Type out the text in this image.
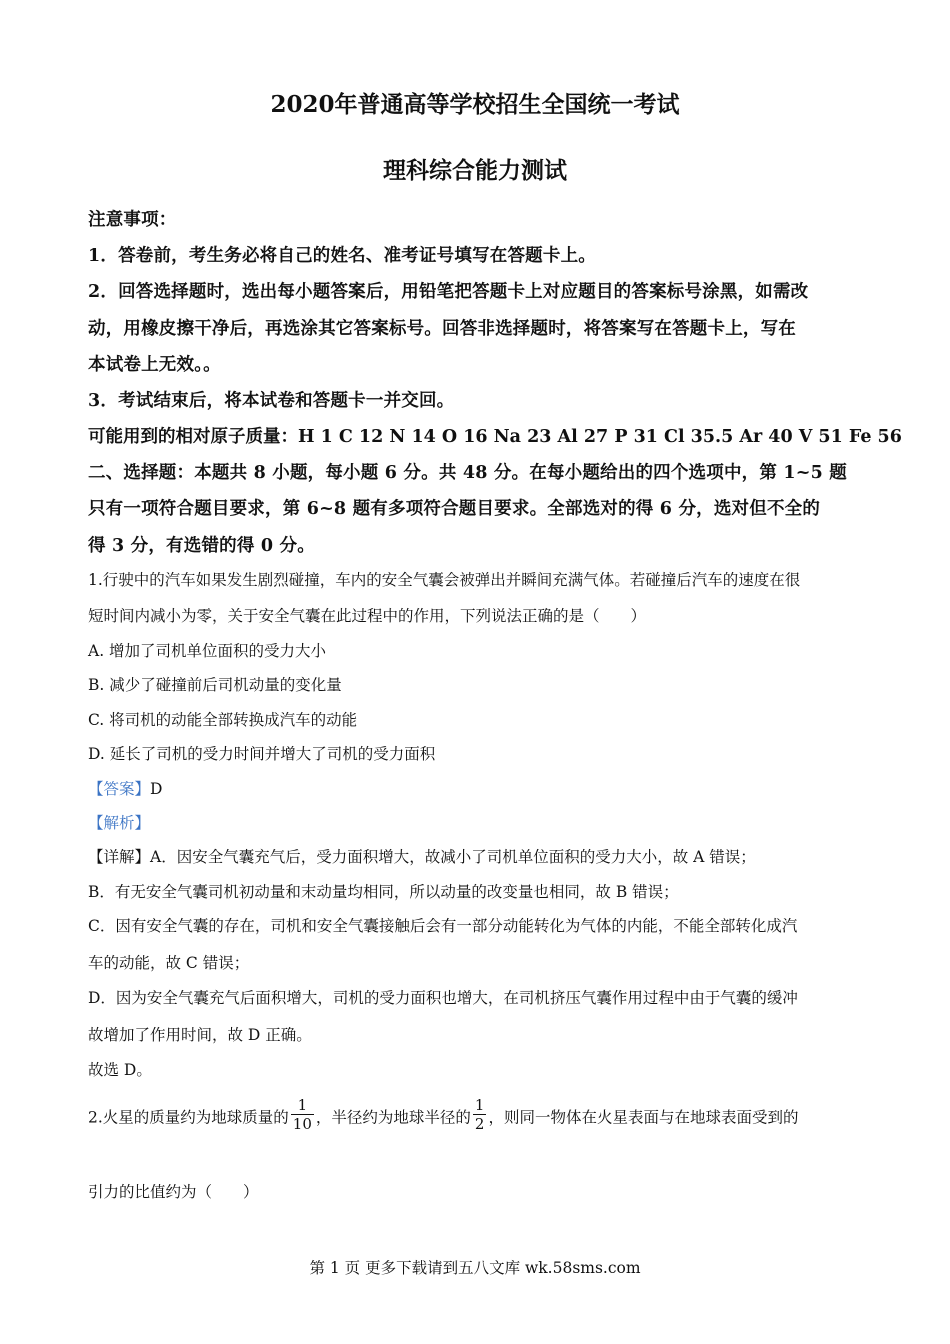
2020年普通高等学校招生全国统一考试
理科综合能力测试
注意事项：
1．答卷前，考生务必将自己的姓名、准考证号填写在答题卡上。
2．回答选择题时，选出每小题答案后，用铅笔把答题卡上对应题目的答案标号涂黑，如需改
动，用橡皮擦干净后，再选涂其它答案标号。回答非选择题时，将答案写在答题卡上，写在
本试卷上无效。。
3．考试结束后，将本试卷和答题卡一并交回。
可能用到的相对原子质量：H 1 C 12 N 14 O 16 Na 23 Al 27 P 31 Cl 35.5 Ar 40 V 51 Fe 56
二、选择题：本题共 8 小题，每小题 6 分。共 48 分。在每小题给出的四个选项中，第 1~5 题
只有一项符合题目要求，第 6~8 题有多项符合题目要求。全部选对的得 6 分，选对但不全的
得 3 分，有选错的得 0 分。
1.行驶中的汽车如果发生剧烈碰撞，车内的安全气囊会被弹出并瞬间充满气体。若碰撞后汽车的速度在很
短时间内减小为零，关于安全气囊在此过程中的作用，下列说法正确的是（　　）
A. 增加了司机单位面积的受力大小
B. 减少了碰撞前后司机动量的变化量
C. 将司机的动能全部转换成汽车的动能
D. 延长了司机的受力时间并增大了司机的受力面积
【答案】D
【解析】
【详解】A．因安全气囊充气后，受力面积增大，故减小了司机单位面积的受力大小，故 A 错误；
B．有无安全气囊司机初动量和末动量均相同，所以动量的改变量也相同，故 B 错误；
C．因有安全气囊的存在，司机和安全气囊接触后会有一部分动能转化为气体的内能，不能全部转化成汽
车的动能，故 C 错误；
D．因为安全气囊充气后面积增大，司机的受力面积也增大，在司机挤压气囊作用过程中由于气囊的缓冲
故增加了作用时间，故 D 正确。
故选 D。
2.火星的质量约为地球质量的 $\frac{1}{10}$ ，半径约为地球半径的 $\frac{1}{2}$ ，则同一物体在火星表面与在地球表面受到的
引力的比值约为（　　）
第 1 页 更多下载请到五八文库 wk.58sms.com
